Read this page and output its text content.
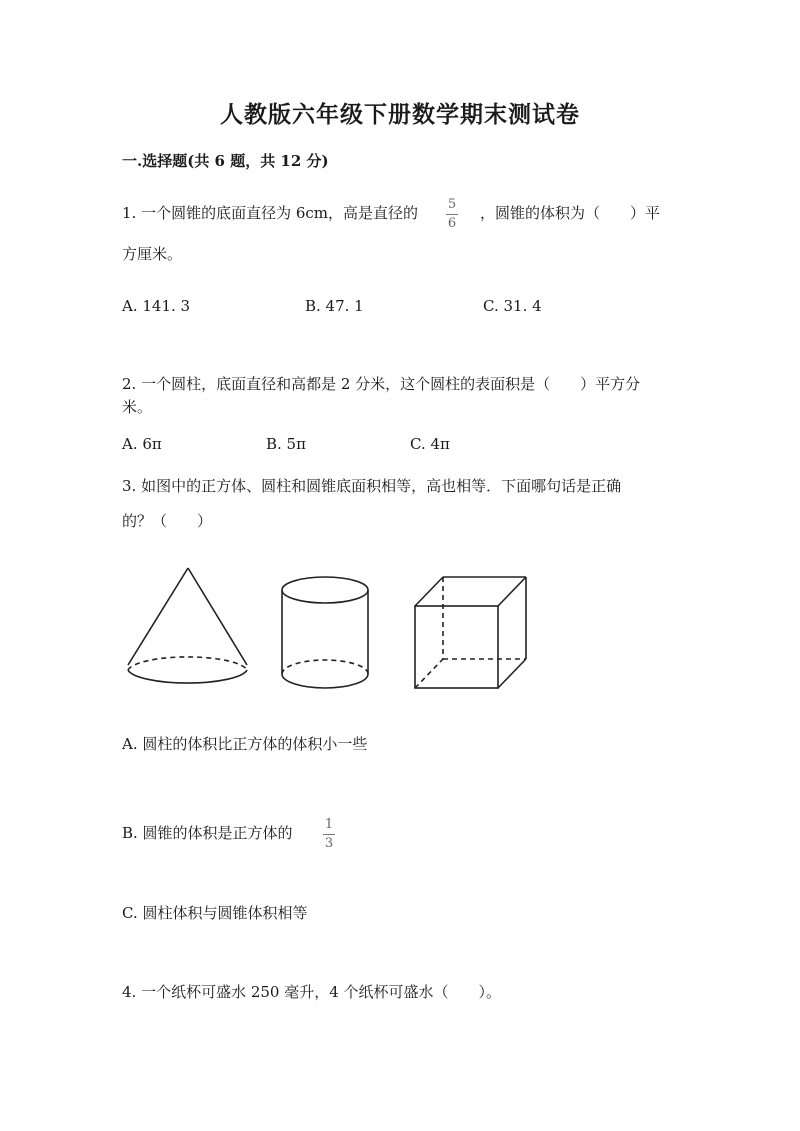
人教版六年级下册数学期末测试卷
一.选择题(共 6 题，共 12 分)
1. 一个圆锥的底面直径为 6cm，高是直径的 5
6
，圆锥的体积为（　　）平
方厘米。
A. 141. 3	B. 47. 1	C. 31. 4
2. 一个圆柱，底面直径和高都是 2 分米，这个圆柱的表面积是（　　）平方分
米。
A. 6π	B. 5π	C. 4π
3. 如图中的正方体、圆柱和圆锥底面积相等，高也相等．下面哪句话是正确
的？（　　）
A. 圆柱的体积比正方体的体积小一些
B. 圆锥的体积是正方体的 1
3
C. 圆柱体积与圆锥体积相等
4. 一个纸杯可盛水 250 毫升，4 个纸杯可盛水（　　）。
